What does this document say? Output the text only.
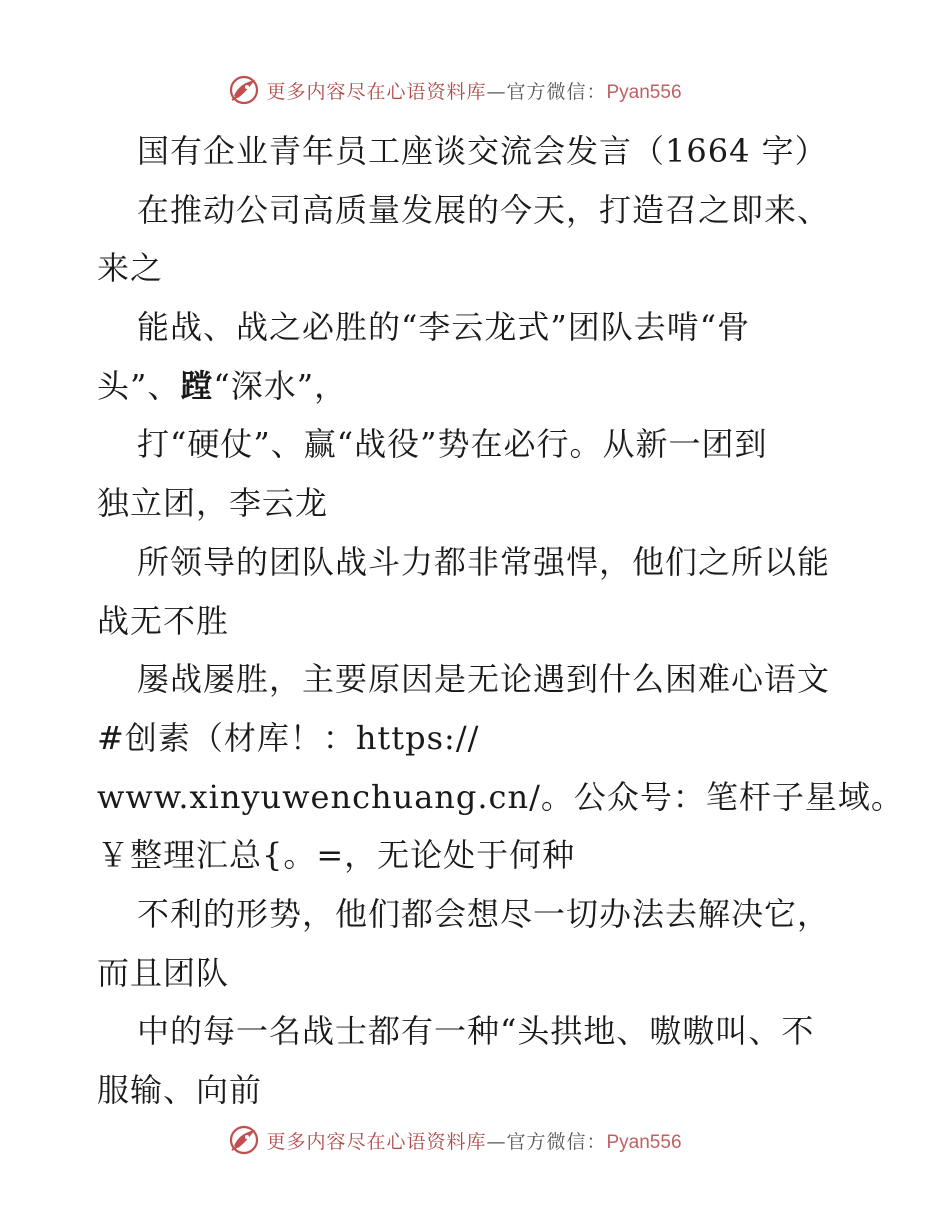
更多内容尽在心语资料库—官方微信：Pyan556
国有企业青年员工座谈交流会发言（1664 字）
在推动公司高质量发展的今天，打造召之即来、
来之
能战、战之必胜的“李云龙式”团队去啃“骨
头”、蹚“深水”，
打“硬仗”、赢“战役”势在必行。从新一团到
独立团，李云龙
所领导的团队战斗力都非常强悍，他们之所以能
战无不胜
屡战屡胜，主要原因是无论遇到什么困难心语文
#创素（材库！：https://
www.xinyuwenchuang.cn/。公众号：笔杆子星域。
￥整理汇总{。=，无论处于何种
不利的形势，他们都会想尽一切办法去解决它，
而且团队
中的每一名战士都有一种“头拱地、嗷嗷叫、不
服输、向前
更多内容尽在心语资料库—官方微信：Pyan556
